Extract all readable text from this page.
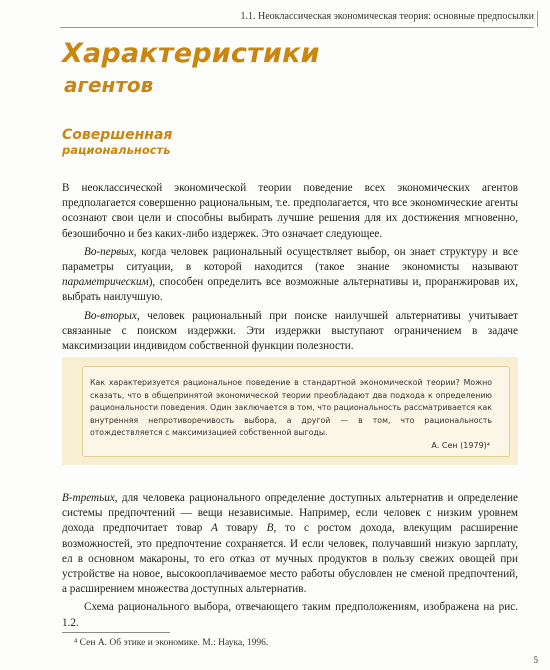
1.1. Неоклассическая экономическая теория: основные предпосылки
Характеристики
агентов
Совершенная
рациональность

В неоклассической экономической теории поведение всех экономических агентов предполагается совершенно рациональным, т.е. предполагается, что все экономические агенты осознают свои цели и способны выбирать лучшие решения для их достижения мгновенно, безошибочно и без каких-либо издержек. Это означает следующее.

Во-первых, когда человек рациональный осуществляет выбор, он знает структуру и все параметры ситуации, в которой находится (такое знание экономисты называют параметрическим), способен определить все возможные альтернативы и, проранжировав их, выбрать наилучшую.

Во-вторых, человек рациональный при поиске наилучшей альтернативы учитывает связанные с поиском издержки. Эти издержки выступают ограничением в задаче максимизации индивидом собственной функции полезности.

Как характеризуется рациональное поведение в стандартной экономической теории? Можно сказать, что в общепринятой экономической теории преобладают два подхода к определению рациональности поведения. Один заключается в том, что рациональность рассматривается как внутренняя непротиворечивость выбора, а другой — в том, что рациональность отождествляется с максимизацией собственной выгоды.
А. Сен (1979)⁴

В-третьих, для человека рационального определение доступных альтернатив и определение системы предпочтений — вещи независимые. Например, если человек с низким уровнем дохода предпочитает товар A товару B, то с ростом дохода, влекущим расширение возможностей, это предпочтение сохраняется. И если человек, получавший низкую зарплату, ел в основном макароны, то его отказ от мучных продуктов в пользу свежих овощей при устройстве на новое, высокооплачиваемое место работы обусловлен не сменой предпочтений, а расширением множества доступных альтернатив.

Схема рационального выбора, отвечающего таким предположениям, изображена на рис. 1.2.

⁴ Сен А. Об этике и экономике. М.: Наука, 1996.
5
